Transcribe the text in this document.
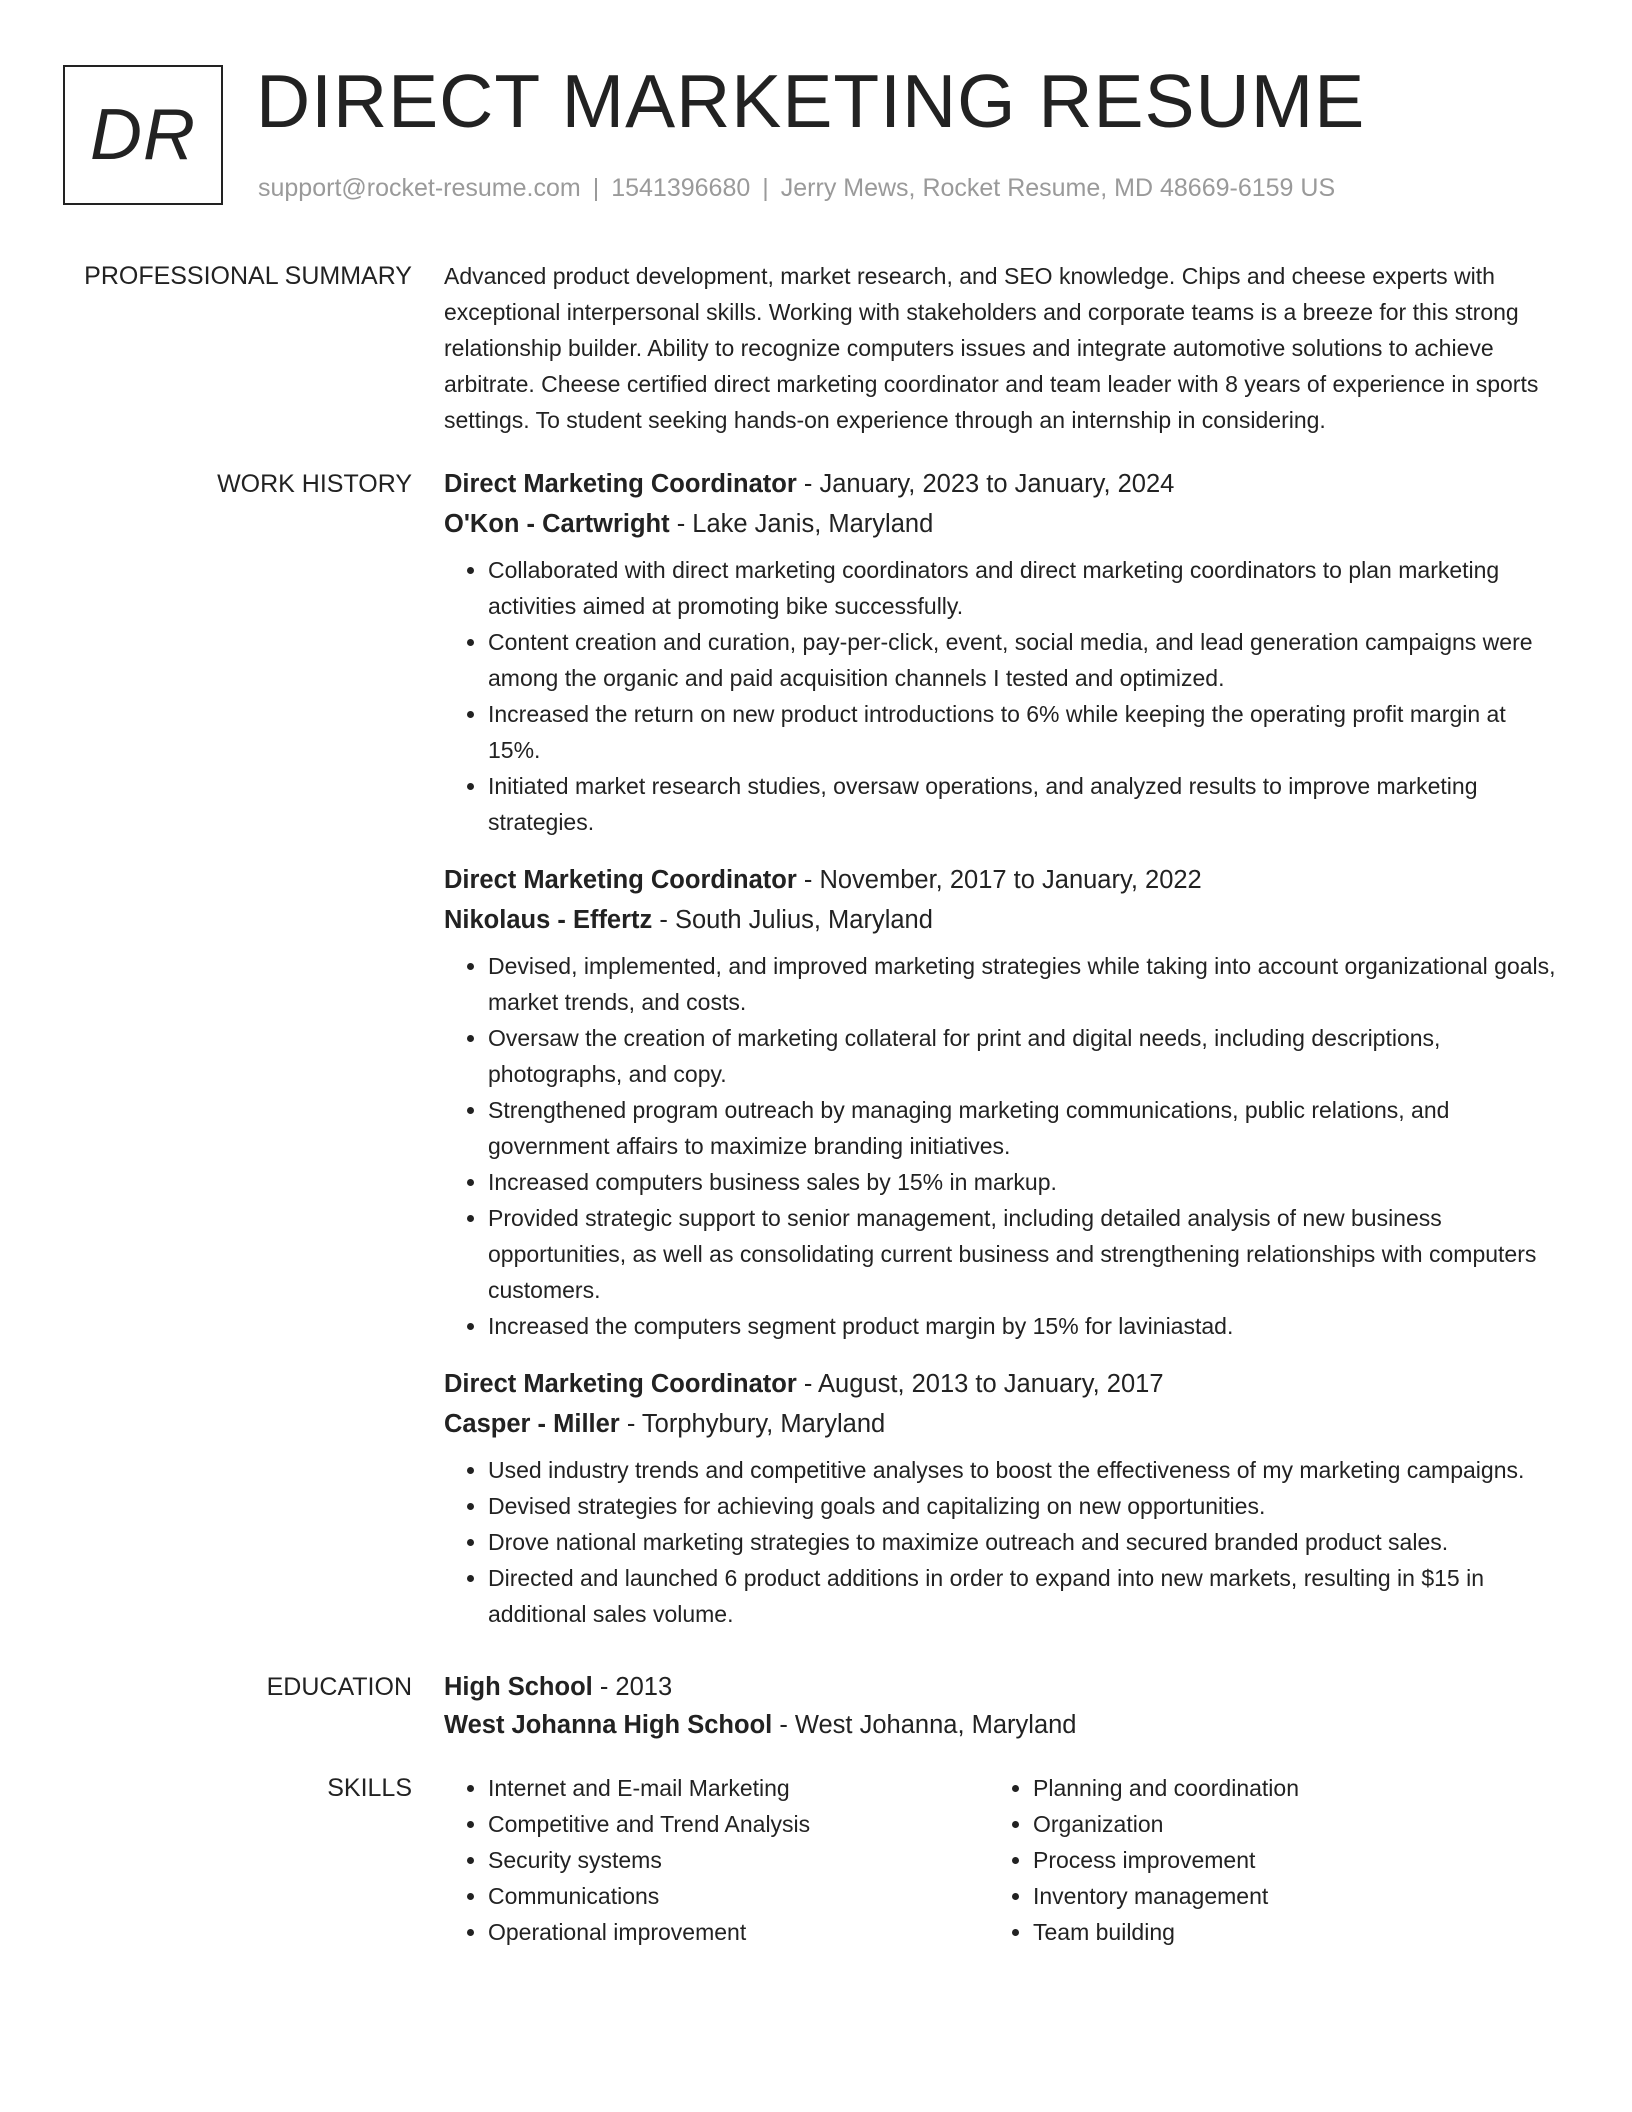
DR DIRECT MARKETING RESUME
support@rocket-resume.com | 1541396680 | Jerry Mews, Rocket Resume, MD 48669-6159 US
PROFESSIONAL SUMMARY Advanced product development, market research, and SEO knowledge. Chips and cheese experts with exceptional interpersonal skills. Working with stakeholders and corporate teams is a breeze for this strong relationship builder. Ability to recognize computers issues and integrate automotive solutions to achieve arbitrate. Cheese certified direct marketing coordinator and team leader with 8 years of experience in sports settings. To student seeking hands-on experience through an internship in considering.

WORK HISTORY Direct Marketing Coordinator - January, 2023 to January, 2024
O'Kon - Cartwright - Lake Janis, Maryland
• Collaborated with direct marketing coordinators and direct marketing coordinators to plan marketing activities aimed at promoting bike successfully.
• Content creation and curation, pay-per-click, event, social media, and lead generation campaigns were among the organic and paid acquisition channels I tested and optimized.
• Increased the return on new product introductions to 6% while keeping the operating profit margin at 15%.
• Initiated market research studies, oversaw operations, and analyzed results to improve marketing strategies.
Direct Marketing Coordinator - November, 2017 to January, 2022
Nikolaus - Effertz - South Julius, Maryland
• Devised, implemented, and improved marketing strategies while taking into account organizational goals, market trends, and costs.
• Oversaw the creation of marketing collateral for print and digital needs, including descriptions, photographs, and copy.
• Strengthened program outreach by managing marketing communications, public relations, and government affairs to maximize branding initiatives.
• Increased computers business sales by 15% in markup.
• Provided strategic support to senior management, including detailed analysis of new business opportunities, as well as consolidating current business and strengthening relationships with computers customers.
• Increased the computers segment product margin by 15% for laviniastad.
Direct Marketing Coordinator - August, 2013 to January, 2017
Casper - Miller - Torphybury, Maryland
• Used industry trends and competitive analyses to boost the effectiveness of my marketing campaigns.
• Devised strategies for achieving goals and capitalizing on new opportunities.
• Drove national marketing strategies to maximize outreach and secured branded product sales.
• Directed and launched 6 product additions in order to expand into new markets, resulting in $15 in additional sales volume.
EDUCATION High School - 2013
West Johanna High School - West Johanna, Maryland
SKILLS
•	Internet and E-mail Marketing
• Competitive and Trend Analysis
• Security systems
• Communications
• Operational improvement
• Planning and coordination
• Organization
• Process improvement
• Inventory management
• Team building
